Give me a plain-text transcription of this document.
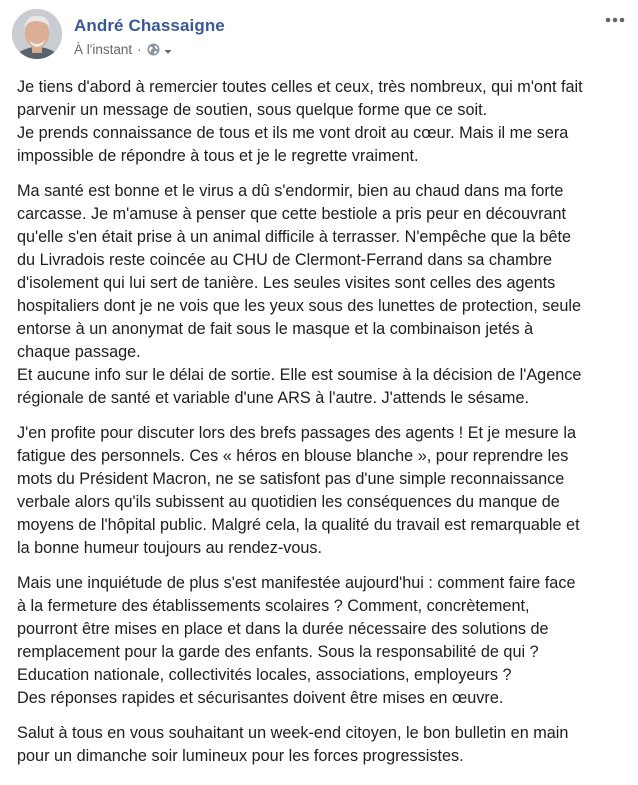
André Chassaigne
À l'instant ·

Je tiens d'abord à remercier toutes celles et ceux, très nombreux, qui m'ont fait
parvenir un message de soutien, sous quelque forme que ce soit.
Je prends connaissance de tous et ils me vont droit au cœur. Mais il me sera
impossible de répondre à tous et je le regrette vraiment.

Ma santé est bonne et le virus a dû s'endormir, bien au chaud dans ma forte
carcasse. Je m'amuse à penser que cette bestiole a pris peur en découvrant
qu'elle s'en était prise à un animal difficile à terrasser. N'empêche que la bête
du Livradois reste coincée au CHU de Clermont-Ferrand dans sa chambre
d'isolement qui lui sert de tanière. Les seules visites sont celles des agents
hospitaliers dont je ne vois que les yeux sous des lunettes de protection, seule
entorse à un anonymat de fait sous le masque et la combinaison jetés à
chaque passage.
Et aucune info sur le délai de sortie. Elle est soumise à la décision de l'Agence
régionale de santé et variable d'une ARS à l'autre. J'attends le sésame.

J'en profite pour discuter lors des brefs passages des agents ! Et je mesure la
fatigue des personnels. Ces « héros en blouse blanche », pour reprendre les
mots du Président Macron, ne se satisfont pas d'une simple reconnaissance
verbale alors qu'ils subissent au quotidien les conséquences du manque de
moyens de l'hôpital public. Malgré cela, la qualité du travail est remarquable et
la bonne humeur toujours au rendez-vous.

Mais une inquiétude de plus s'est manifestée aujourd'hui : comment faire face
à la fermeture des établissements scolaires ? Comment, concrètement,
pourront être mises en place et dans la durée nécessaire des solutions de
remplacement pour la garde des enfants. Sous la responsabilité de qui ?
Education nationale, collectivités locales, associations, employeurs ?
Des réponses rapides et sécurisantes doivent être mises en œuvre.

Salut à tous en vous souhaitant un week-end citoyen, le bon bulletin en main
pour un dimanche soir lumineux pour les forces progressistes.
